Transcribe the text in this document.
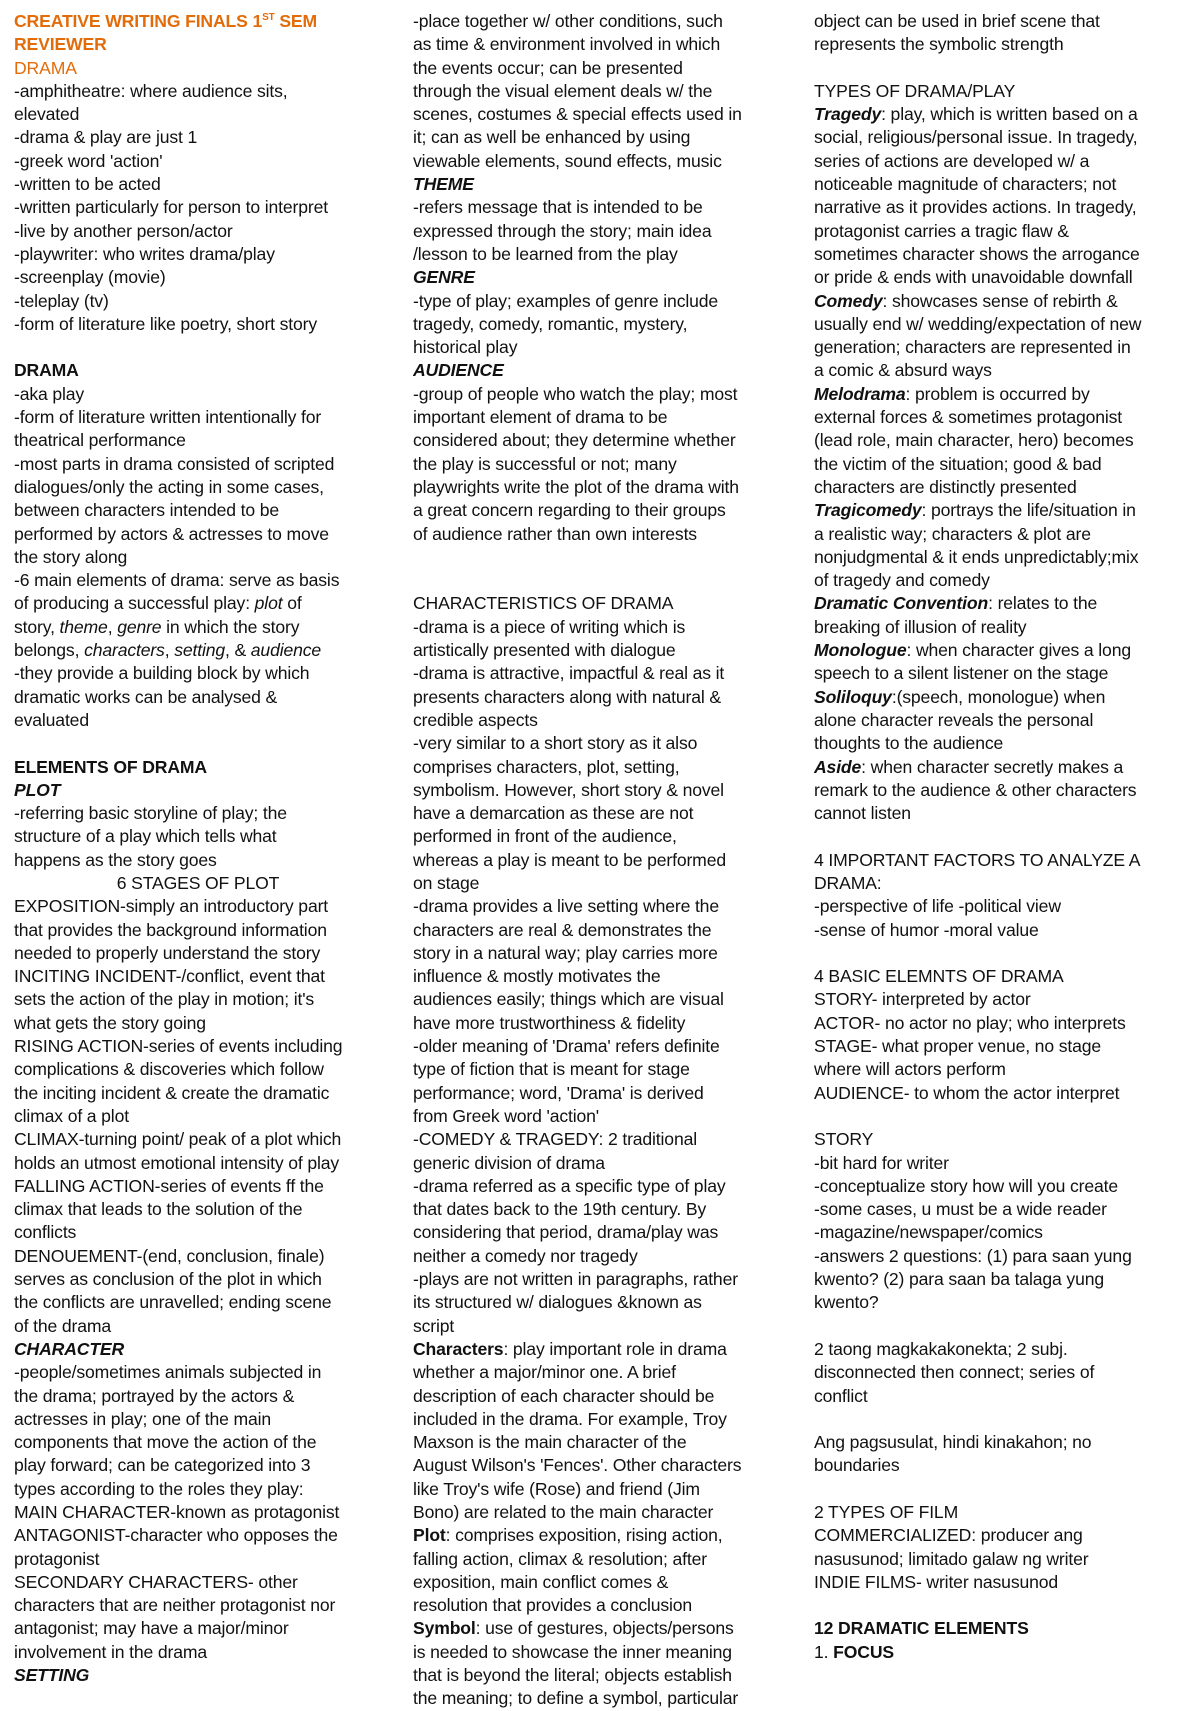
CREATIVE WRITING FINALS 1ST SEM
REVIEWER
DRAMA
-amphitheatre: where audience sits,
elevated
-drama & play are just 1
-greek word 'action'
-written to be acted
-written particularly for person to interpret
-live by another person/actor
-playwriter: who writes drama/play
-screenplay (movie)
-teleplay (tv)
-form of literature like poetry, short story
DRAMA
-aka play
-form of literature written intentionally for
theatrical performance
-most parts in drama consisted of scripted
dialogues/only the acting in some cases,
between characters intended to be
performed by actors & actresses to move
the story along
-6 main elements of drama: serve as basis
of producing a successful play: plot of
story, theme, genre in which the story
belongs, characters, setting, & audience
-they provide a building block by which
dramatic works can be analysed &
evaluated
ELEMENTS OF DRAMA
PLOT
-referring basic storyline of play; the
structure of a play which tells what
happens as the story goes
6 STAGES OF PLOT
EXPOSITION-simply an introductory part
that provides the background information
needed to properly understand the story
INCITING INCIDENT-/conflict, event that
sets the action of the play in motion; it's
what gets the story going
RISING ACTION-series of events including
complications & discoveries which follow
the inciting incident & create the dramatic
climax of a plot
CLIMAX-turning point/ peak of a plot which
holds an utmost emotional intensity of play
FALLING ACTION-series of events ff the
climax that leads to the solution of the
conflicts
DENOUEMENT-(end, conclusion, finale)
serves as conclusion of the plot in which
the conflicts are unravelled; ending scene
of the drama
CHARACTER
-people/sometimes animals subjected in
the drama; portrayed by the actors &
actresses in play; one of the main
components that move the action of the
play forward; can be categorized into 3
types according to the roles they play:
MAIN CHARACTER-known as protagonist
ANTAGONIST-character who opposes the
protagonist
SECONDARY CHARACTERS- other
characters that are neither protagonist nor
antagonist; may have a major/minor
involvement in the drama
SETTING
-place together w/ other conditions, such
as time & environment involved in which
the events occur; can be presented
through the visual element deals w/ the
scenes, costumes & special effects used in
it; can as well be enhanced by using
viewable elements, sound effects, music
THEME
-refers message that is intended to be
expressed through the story; main idea
/lesson to be learned from the play
GENRE
-type of play; examples of genre include
tragedy, comedy, romantic, mystery,
historical play
AUDIENCE
-group of people who watch the play; most
important element of drama to be
considered about; they determine whether
the play is successful or not; many
playwrights write the plot of the drama with
a great concern regarding to their groups
of audience rather than own interests
CHARACTERISTICS OF DRAMA
-drama is a piece of writing which is
artistically presented with dialogue
-drama is attractive, impactful & real as it
presents characters along with natural &
credible aspects
-very similar to a short story as it also
comprises characters, plot, setting,
symbolism. However, short story & novel
have a demarcation as these are not
performed in front of the audience,
whereas a play is meant to be performed
on stage
-drama provides a live setting where the
characters are real & demonstrates the
story in a natural way; play carries more
influence & mostly motivates the
audiences easily; things which are visual
have more trustworthiness & fidelity
-older meaning of 'Drama' refers definite
type of fiction that is meant for stage
performance; word, 'Drama' is derived
from Greek word 'action'
-COMEDY & TRAGEDY: 2 traditional
generic division of drama
-drama referred as a specific type of play
that dates back to the 19th century. By
considering that period, drama/play was
neither a comedy nor tragedy
-plays are not written in paragraphs, rather
its structured w/ dialogues &known as
script
Characters: play important role in drama
whether a major/minor one. A brief
description of each character should be
included in the drama. For example, Troy
Maxson is the main character of the
August Wilson's 'Fences'. Other characters
like Troy's wife (Rose) and friend (Jim
Bono) are related to the main character
Plot: comprises exposition, rising action,
falling action, climax & resolution; after
exposition, main conflict comes &
resolution that provides a conclusion
Symbol: use of gestures, objects/persons
is needed to showcase the inner meaning
that is beyond the literal; objects establish
the meaning; to define a symbol, particular
object can be used in brief scene that
represents the symbolic strength
TYPES OF DRAMA/PLAY
Tragedy: play, which is written based on a
social, religious/personal issue. In tragedy,
series of actions are developed w/ a
noticeable magnitude of characters; not
narrative as it provides actions. In tragedy,
protagonist carries a tragic flaw &
sometimes character shows the arrogance
or pride & ends with unavoidable downfall
Comedy: showcases sense of rebirth &
usually end w/ wedding/expectation of new
generation; characters are represented in
a comic & absurd ways
Melodrama: problem is occurred by
external forces & sometimes protagonist
(lead role, main character, hero) becomes
the victim of the situation; good & bad
characters are distinctly presented
Tragicomedy: portrays the life/situation in
a realistic way; characters & plot are
nonjudgmental & it ends unpredictably;mix
of tragedy and comedy
Dramatic Convention: relates to the
breaking of illusion of reality
Monologue: when character gives a long
speech to a silent listener on the stage
Soliloquy:(speech, monologue) when
alone character reveals the personal
thoughts to the audience
Aside: when character secretly makes a
remark to the audience & other characters
cannot listen
4 IMPORTANT FACTORS TO ANALYZE A
DRAMA:
-perspective of life -political view
-sense of humor -moral value
4 BASIC ELEMNTS OF DRAMA
STORY- interpreted by actor
ACTOR- no actor no play; who interprets
STAGE- what proper venue, no stage
where will actors perform
AUDIENCE- to whom the actor interpret
STORY
-bit hard for writer
-conceptualize story how will you create
-some cases, u must be a wide reader
-magazine/newspaper/comics
-answers 2 questions: (1) para saan yung
kwento? (2) para saan ba talaga yung
kwento?
2 taong magkakakonekta; 2 subj.
disconnected then connect; series of
conflict
Ang pagsusulat, hindi kinakahon; no
boundaries
2 TYPES OF FILM
COMMERCIALIZED: producer ang
nasusunod; limitado galaw ng writer
INDIE FILMS- writer nasusunod
12 DRAMATIC ELEMENTS
1. FOCUS
